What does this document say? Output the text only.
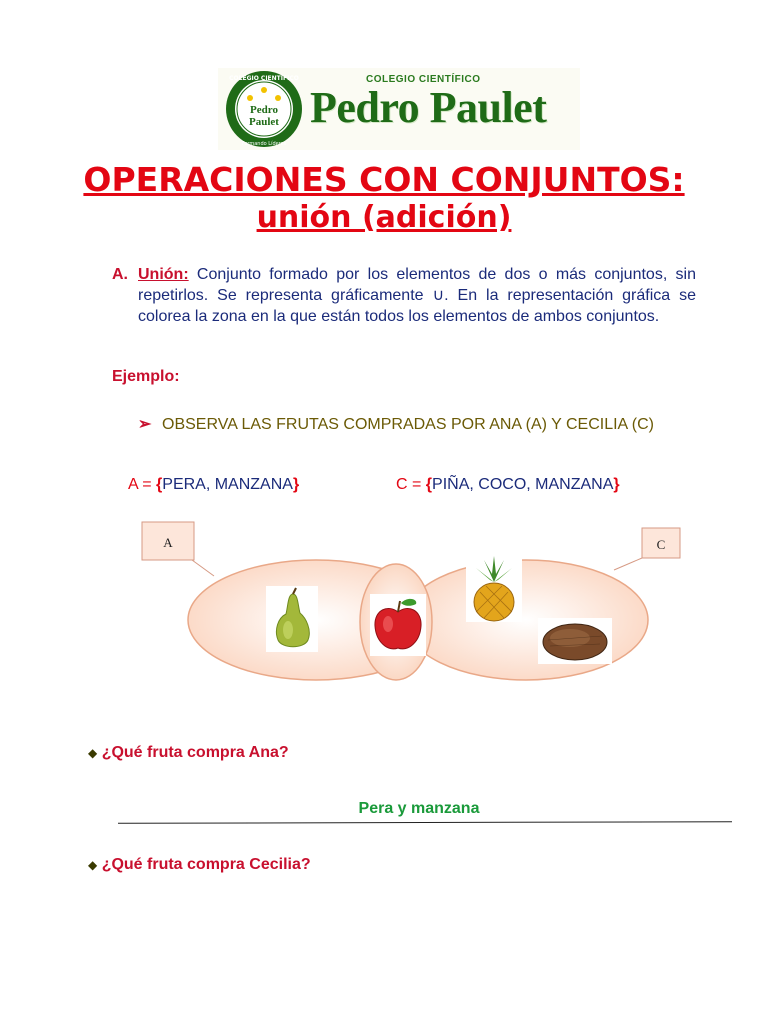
COLEGIO CIENTÍFICO
Formando Líderes
Pedro
Paulet
COLEGIO CIENTÍFICO
Pedro Paulet
OPERACIONES CON CONJUNTOS:
unión (adición)
A. Unión: Conjunto formado por los elementos de dos o más conjuntos, sin repetirlos. Se representa gráficamente ∪. En la representación gráfica se colorea la zona en la que están todos los elementos de ambos conjuntos.
Ejemplo:
➢ OBSERVA LAS FRUTAS COMPRADAS POR ANA (A) Y CECILIA (C)
A = {PERA, MANZANA}	C = {PIÑA, COCO, MANZANA}
A	C
◆ ¿Qué fruta compra Ana?
Pera y manzana
◆ ¿Qué fruta compra Cecilia?
